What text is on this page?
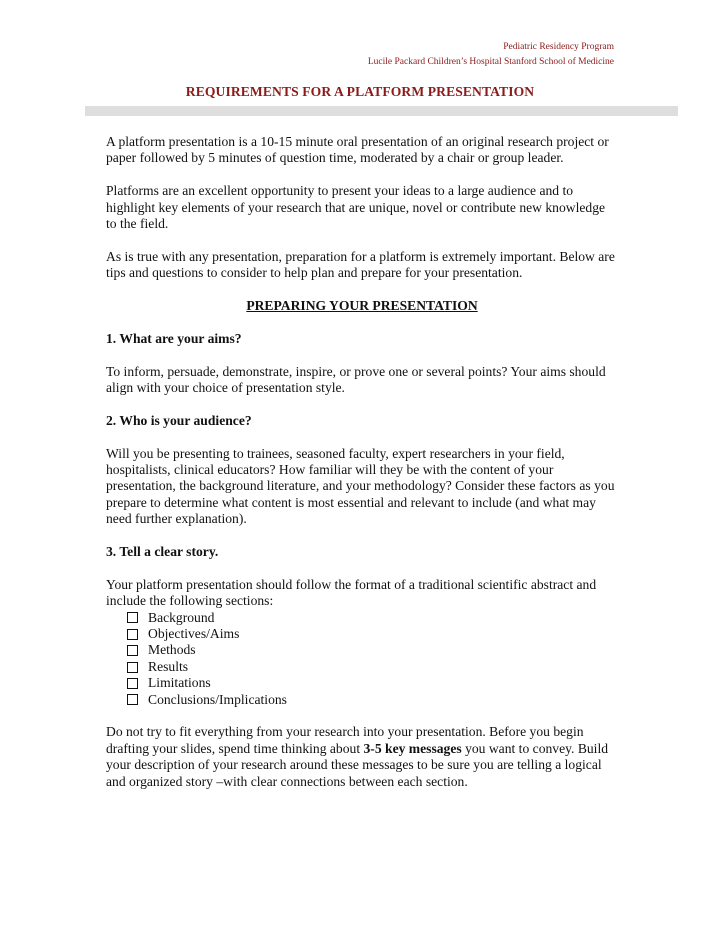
Pediatric Residency Program
Lucile Packard Children’s Hospital Stanford School of Medicine
REQUIREMENTS FOR A PLATFORM PRESENTATION

A platform presentation is a 10-15 minute oral presentation of an original research project or paper followed by 5 minutes of question time, moderated by a chair or group leader.

Platforms are an excellent opportunity to present your ideas to a large audience and to highlight key elements of your research that are unique, novel or contribute new knowledge to the field.

As is true with any presentation, preparation for a platform is extremely important. Below are tips and questions to consider to help plan and prepare for your presentation.

PREPARING YOUR PRESENTATION
1. What are your aims?

To inform, persuade, demonstrate, inspire, or prove one or several points? Your aims should align with your choice of presentation style.

2. Who is your audience?

Will you be presenting to trainees, seasoned faculty, expert researchers in your field, hospitalists, clinical educators? How familiar will they be with the content of your presentation, the background literature, and your methodology? Consider these factors as you prepare to determine what content is most essential and relevant to include (and what may need further explanation).

3. Tell a clear story.
Your platform presentation should follow the format of a traditional scientific abstract and include the following sections:
Background
Objectives/Aims
Methods
Results
Limitations
Conclusions/Implications

Do not try to fit everything from your research into your presentation. Before you begin drafting your slides, spend time thinking about 3-5 key messages you want to convey. Build your description of your research around these messages to be sure you are telling a logical and organized story –with clear connections between each section.
